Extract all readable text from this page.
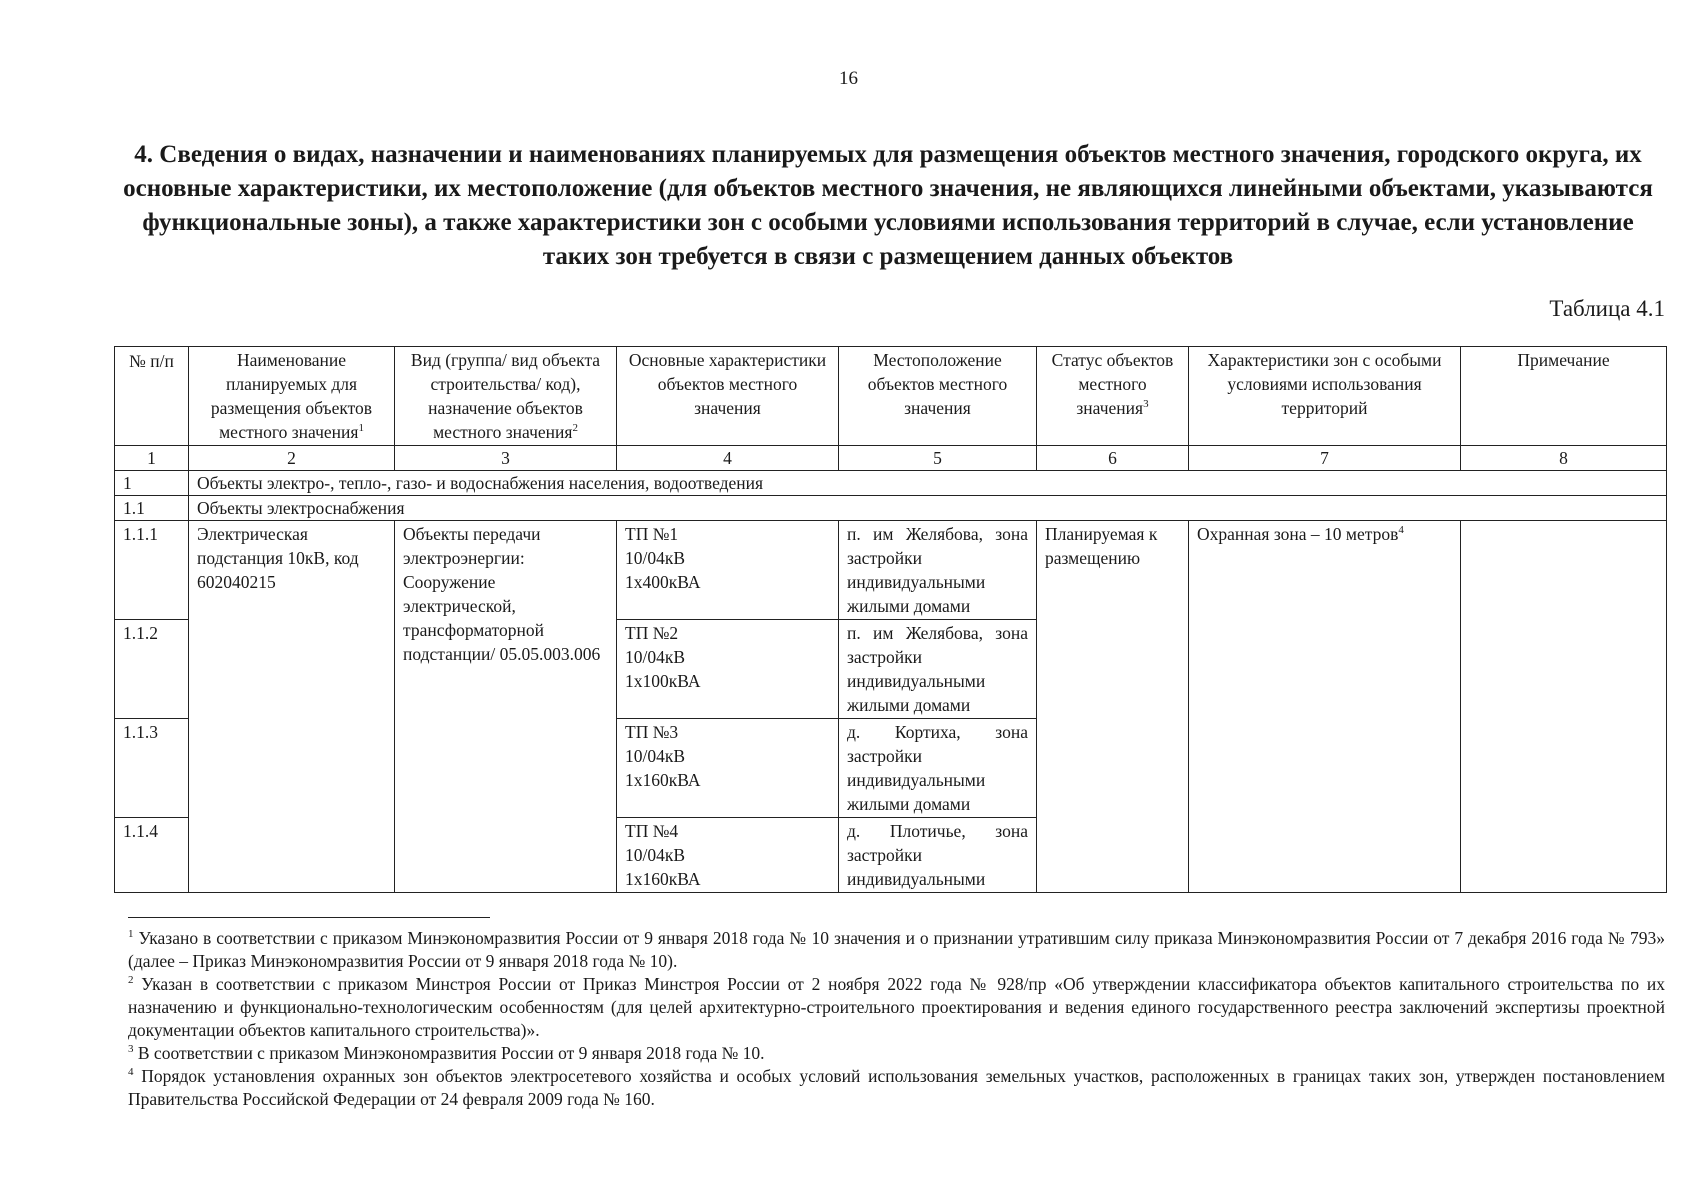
16
4. Сведения о видах, назначении и наименованиях планируемых для размещения объектов местного значения, городского округа, их основные характеристики, их местоположение (для объектов местного значения, не являющихся линейными объектами, указываются функциональные зоны), а также характеристики зон с особыми условиями использования территорий в случае, если установление таких зон требуется в связи с размещением данных объектов
Таблица 4.1
№ п/п	Наименование планируемых для размещения объектов местного значения$^1$	Вид (группа/ вид объекта строительства/ код), назначение объектов местного значения$^2$	Основные характеристики объектов местного значения	Местоположение объектов местного значения	Статус объектов местного значения$^3$	Характеристики зон с особыми условиями использования территорий	Примечание
1	2	3	4	5	6	7	8
1	Объекты электро-, тепло-, газо- и водоснабжения населения, водоотведения						
1.1	Объекты электроснабжения						
1.1.1	Электрическая подстанция 10кВ, код 602040215	Объекты передачи электроэнергии: Сооружение электрической, трансформаторной подстанции/ 05.05.003.006	ТП №1
10/04кВ
1х400кВА	п. им Желябова, зона застройки индивидуальными жилыми домами	Планируемая к размещению	Охранная зона – 10 метров$^4$	
1.1.2			ТП №2
10/04кВ
1х100кВА	п. им Желябова, зона застройки индивидуальными жилыми домами			
1.1.3			ТП №3
10/04кВ
1х160кВА	д. Кортиха, зона застройки индивидуальными жилыми домами			
1.1.4			ТП №4
10/04кВ
1х160кВА	д. Плотичье, зона застройки индивидуальными			

$^1$ Указано в соответствии с приказом Минэкономразвития России от 9 января 2018 года № 10 значения и о признании утратившим силу приказа Минэкономразвития России от 7 декабря 2016 года № 793» (далее – Приказ Минэкономразвития России от 9 января 2018 года № 10).

$^2$ Указан в соответствии с приказом Минстроя России от Приказ Минстроя России от 2 ноября 2022 года № 928/пр «Об утверждении классификатора объектов капитального строительства по их назначению и функционально-технологическим особенностям (для целей архитектурно-строительного проектирования и ведения единого государственного реестра заключений экспертизы проектной документации объектов капитального строительства)».

$^3$ В соответствии с приказом Минэкономразвития России от 9 января 2018 года № 10.

$^4$ Порядок установления охранных зон объектов электросетевого хозяйства и особых условий использования земельных участков, расположенных в границах таких зон, утвержден постановлением Правительства Российской Федерации от 24 февраля 2009 года № 160.
